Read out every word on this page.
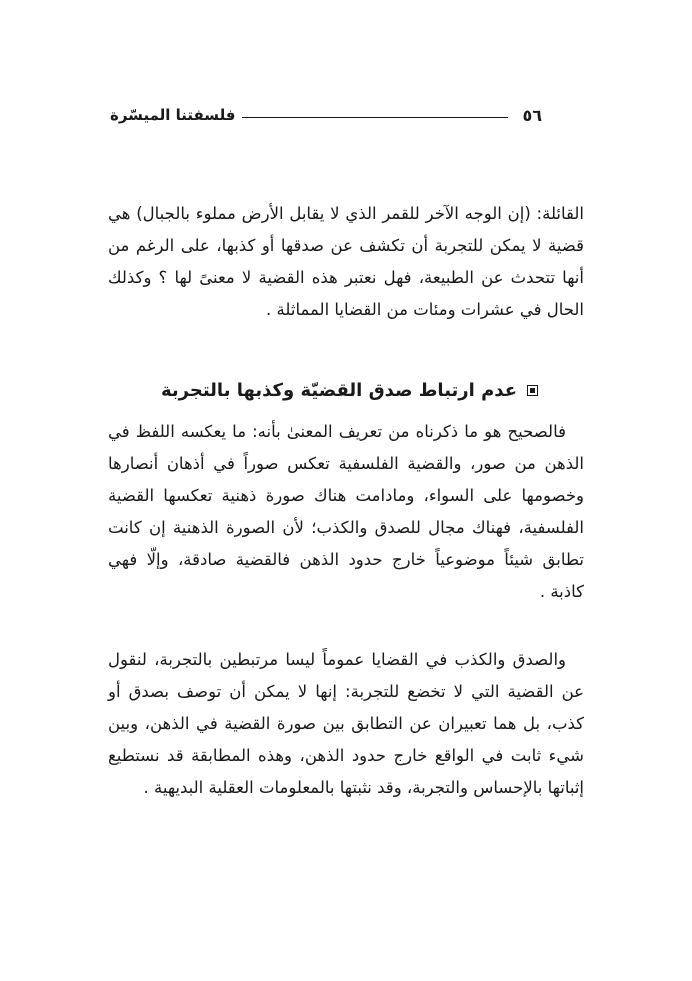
٥٦
فلسفتنا الميسّرة

القائلة: (إن الوجه الآخر للقمر الذي لا يقابل الأرض مملوء بالجبال) هي قضية لا يمكن للتجربة أن تكشف عن صدقها أو كذبها، على الرغم من أنها تتحدث عن الطبيعة، فهل نعتبر هذه القضية لا معنىً لها ؟ وكذلك الحال في عشرات ومئات من القضايا المماثلة .

عدم ارتباط صدق القضيّة وكذبها بالتجربة

فالصحيح هو ما ذكرناه من تعريف المعنىٰ بأنه: ما يعكسه اللفظ في الذهن من صور، والقضية الفلسفية تعكس صوراً في أذهان أنصارها وخصومها على السواء، ومادامت هناك صورة ذهنية تعكسها القضية الفلسفية، فهناك مجال للصدق والكذب؛ لأن الصورة الذهنية إن كانت تطابق شيئاً موضوعياً خارج حدود الذهن فالقضية صادقة، وإلّا فهي كاذبة .

والصدق والكذب في القضايا عموماً ليسا مرتبطين بالتجربة، لنقول عن القضية التي لا تخضع للتجربة: إنها لا يمكن أن توصف بصدق أو كذب، بل هما تعبيران عن التطابق بين صورة القضية في الذهن، وبين شيء ثابت في الواقع خارج حدود الذهن، وهذه المطابقة قد نستطيع إثباتها بالإحساس والتجربة، وقد نثبتها بالمعلومات العقلية البديهية .
